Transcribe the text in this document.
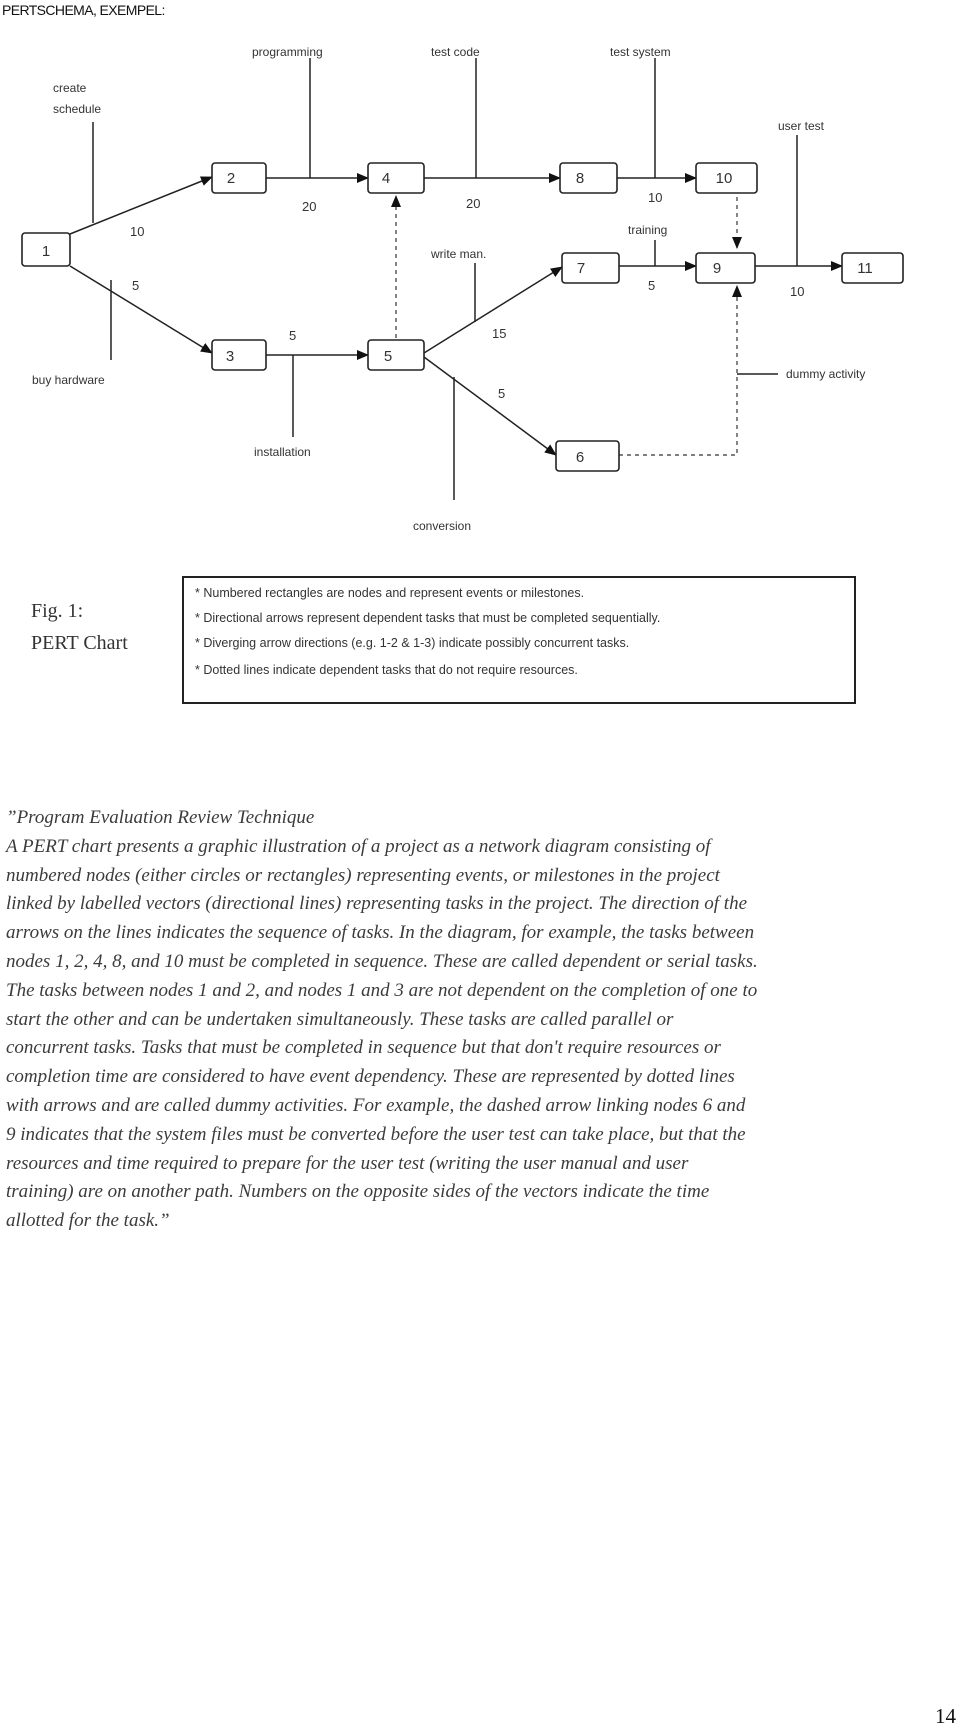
PERTSCHEMA, EXEMPEL:
1
2
3
4
5
6
7
8
9
10
11
10
5
20
5
20	10
5	10
15
5
create
schedule
programming	test code	test system
user test
training
write man.
buy hardware
installation
conversion
dummy activity
Fig. 1:
PERT Chart
* Numbered rectangles are nodes and represent events or milestones.
* Directional arrows represent dependent tasks that must be completed sequentially.
* Diverging arrow directions (e.g. 1-2 & 1-3) indicate possibly concurrent tasks.
* Dotted lines indicate dependent tasks that do not require resources.
”Program Evaluation Review Technique
A PERT chart presents a graphic illustration of a project as a network diagram consisting of
numbered nodes (either circles or rectangles) representing events, or milestones in the project
linked by labelled vectors (directional lines) representing tasks in the project. The direction of the
arrows on the lines indicates the sequence of tasks. In the diagram, for example, the tasks between
nodes 1, 2, 4, 8, and 10 must be completed in sequence. These are called dependent or serial tasks.
The tasks between nodes 1 and 2, and nodes 1 and 3 are not dependent on the completion of one to
start the other and can be undertaken simultaneously. These tasks are called parallel or
concurrent tasks. Tasks that must be completed in sequence but that don't require resources or
completion time are considered to have event dependency. These are represented by dotted lines
with arrows and are called dummy activities. For example, the dashed arrow linking nodes 6 and
9 indicates that the system files must be converted before the user test can take place, but that the
resources and time required to prepare for the user test (writing the user manual and user
training) are on another path. Numbers on the opposite sides of the vectors indicate the time
allotted for the task.”
14
